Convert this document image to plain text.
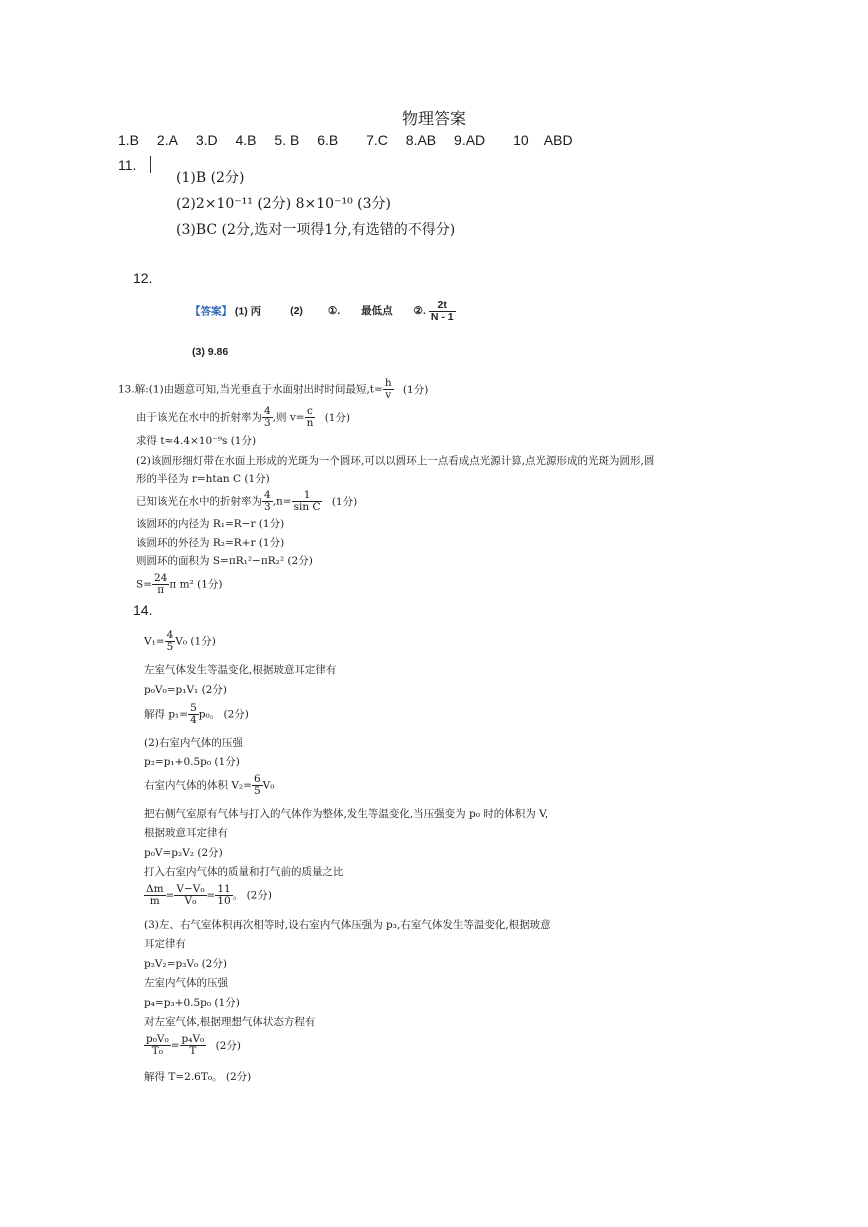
物理答案
1.B 2.A 3.D 4.B 5. B 6.B 7.C 8.AB 9.AD 10 ABD
11.
(1)B (2分)
(2)2×10⁻¹¹ (2分) 8×10⁻¹⁰ (3分)
(3)BC (2分,选对一项得1分,有选错的不得分)
12.
【答案】 (1) 丙	(2) ①. 最低点 ②. $\frac{2t}{N - 1}$
(3) 9.86
13.解:(1)由题意可知,当光垂直于水面射出时时间最短$,t= \frac{h}{v} (1$分)
由于该光在水中的折射率为 $\frac{4}{3}$ ,则 $v= \frac{c}{n} (1$分)
求得 t≈4.4×10⁻⁹s (1分)
(2)该圆形细灯带在水面上形成的光斑为一个圆环,可以以圆环上一点看成点光源计算,点光源形成的光斑为圆形,圆
形的半径为 r=htan C (1分)
已知该光在水中的折射率为 $\frac{4}{3} ,n= \frac{1}{\text{sin C}} (1$分)
该圆环的内径为 R₁=R−r (1分)
该圆环的外径为 R₂=R+r (1分)
则圆环的面积为 S=πR₁²−πR₂² (2分)
$S= \frac{24}{\pi}$ π m² (1分)
14.
$V_1= \frac{4}{5} V_0$ (1分)
左室气体发生等温变化,根据玻意耳定律有
p₀V₀=p₁V₁ (2分)
解得 $p_1= \frac{5}{4} p_0$。 (2分)
(2)右室内气体的压强
p₂=p₁+0.5p₀ (1分)
右室内气体的体积 $V_2= \frac{6}{5} V_0$
把右侧气室原有气体与打入的气体作为整体,发生等温变化,当压强变为 p₀ 时的体积为 V,
根据玻意耳定律有
p₀V=p₂V₂ (2分)
打入右室内气体的质量和打气前的质量之比
$\frac{\Delta m}{m} = \frac{\text{V−V₀}}{\text{V₀}} = \frac{11}{10}$ 。 (2分)
(3)左、右气室体积再次相等时,设右室内气体压强为 p₃,右室气体发生等温变化,根据玻意
耳定律有
p₂V₂=p₃V₀ (2分)
左室内气体的压强
p₄=p₃+0.5p₀ (1分)
对左室气体,根据理想气体状态方程有
$\frac{\text{p₀V₀}}{\text{T₀}} = \frac{\text{p₄V₀}}{T} (2$分)
解得 T=2.6T₀。 (2分)
